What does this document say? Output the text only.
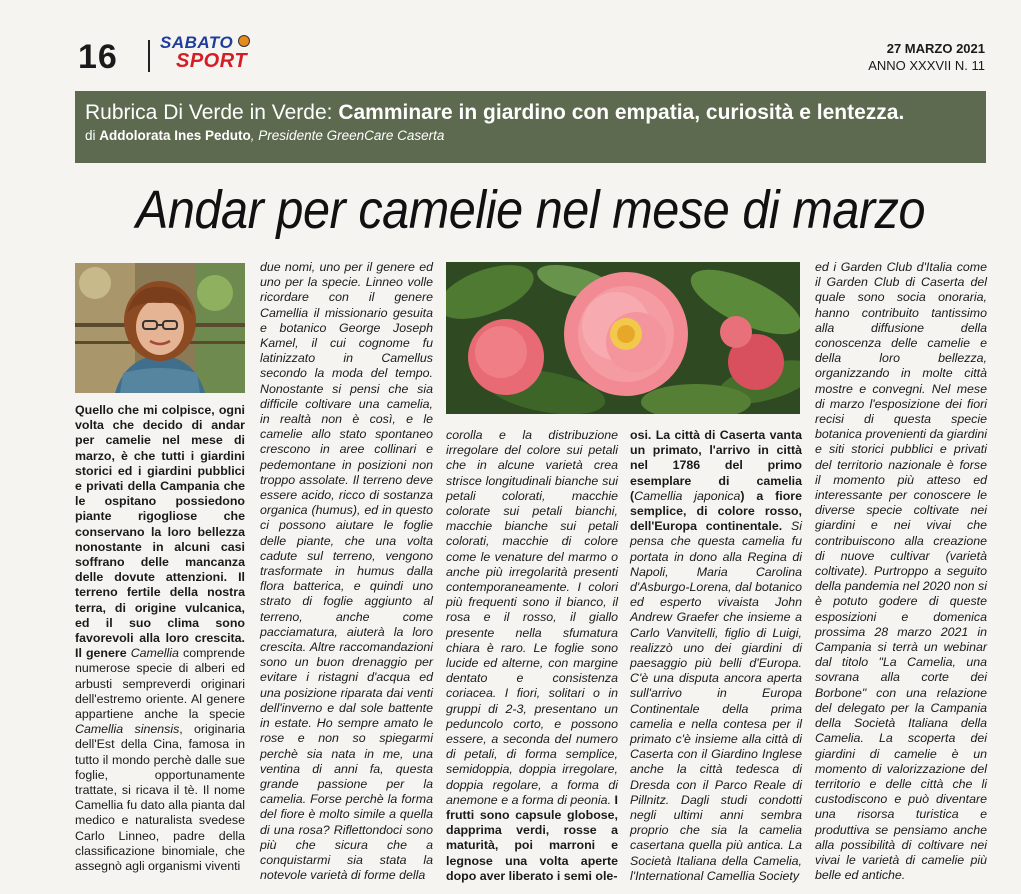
16 SABATO
SPORT
27 MARZO 2021
ANNO XXXVII N. 11
Rubrica Di Verde in Verde: Camminare in giardino con empatia, curiosità e lentezza.
di Addolorata Ines Peduto, Presidente GreenCare Caserta
Andar per camelie nel mese di marzo
Quello che mi colpisce, ogni volta che decido di andar per camelie nel mese di marzo, è che tutti i giardini storici ed i giardini pubblici e privati della Campania che le ospitano possiedono piante rigogliose che conservano la loro bellezza nonostante in alcuni casi soffrano delle mancanza delle dovute attenzioni. Il terreno fertile della nostra terra, di origine vulcanica, ed il suo clima sono favorevoli alla loro crescita. Il genere Camellia comprende numerose specie di alberi ed arbusti sempreverdi originari dell'estremo oriente. Al genere appartiene anche la specie Camellia sinensis, originaria dell'Est della Cina, famosa in tutto il mondo perchè dalle sue foglie, opportunamente trattate, si ricava il tè. Il nome Camellia fu dato alla pianta dal medico e naturalista svedese Carlo Linneo, padre della classificazione binomiale, che assegnò agli organismi viventi
due nomi, uno per il genere ed uno per la specie. Linneo volle ricordare con il genere Camellia il missionario gesuita e botanico George Joseph Kamel, il cui cognome fu latinizzato in Camellus secondo la moda del tempo. Nonostante si pensi che sia difficile coltivare una camelia, in realtà non è così, e le camelie allo stato spontaneo crescono in aree collinari e pedemontane in posizioni non troppo assolate. Il terreno deve essere acido, ricco di sostanza organica (humus), ed in questo ci possono aiutare le foglie delle piante, che una volta cadute sul terreno, vengono trasformate in humus dalla flora batterica, e quindi uno strato di foglie aggiunto al terreno, anche come pacciamatura, aiuterà la loro crescita. Altre raccomandazioni sono un buon drenaggio per evitare i ristagni d'acqua ed una posizione riparata dai venti dell'inverno e dal sole battente in estate. Ho sempre amato le rose e non so spiegarmi perchè sia nata in me, una ventina di anni fa, questa grande passione per la camelia. Forse perchè la forma del fiore è molto simile a quella di una rosa? Riflettondoci sono più che sicura che a conquistarmi sia stata la notevole varietà di forme della
corolla e la distribuzione irregolare del colore sui petali che in alcune varietà crea strisce longitudinali bianche sui petali colorati, macchie colorate sui petali bianchi, macchie bianche sui petali colorati, macchie di colore come le venature del marmo o anche più irregolarità presenti contemporaneamente. I colori più frequenti sono il bianco, il rosa e il rosso, il giallo presente nella sfumatura chiara è raro. Le foglie sono lucide ed alterne, con margine dentato e consistenza coriacea. I fiori, solitari o in gruppi di 2-3, presentano un peduncolo corto, e possono essere, a seconda del numero di petali, di forma semplice, semidoppia, doppia irregolare, doppia regolare, a forma di anemone e a forma di peonia. I frutti sono capsule globose, dapprima verdi, rosse a maturità, poi marroni e legnose una volta aperte dopo aver liberato i semi ole-
osi. La città di Caserta vanta un primato, l'arrivo in città nel 1786 del primo esemplare di camelia (Camellia japonica) a fiore semplice, di colore rosso, dell'Europa continentale. Si pensa che questa camelia fu portata in dono alla Regina di Napoli, Maria Carolina d'Asburgo-Lorena, dal botanico ed esperto vivaista John Andrew Graefer che insieme a Carlo Vanvitelli, figlio di Luigi, realizzò uno dei giardini di paesaggio più belli d'Europa. C'è una disputa ancora aperta sull'arrivo in Europa Continentale della prima camelia e nella contesa per il primato c'è insieme alla città di Caserta con il Giardino Inglese anche la città tedesca di Dresda con il Parco Reale di Pillnitz. Dagli studi condotti negli ultimi anni sembra proprio che sia la camelia casertana quella più antica. La Società Italiana della Camelia, l'International Camellia Society
ed i Garden Club d'Italia come il Garden Club di Caserta del quale sono socia onoraria, hanno contribuito tantissimo alla diffusione della conoscenza delle camelie e della loro bellezza, organizzando in molte città mostre e convegni. Nel mese di marzo l'esposizione dei fiori recisi di questa specie botanica provenienti da giardini e siti storici pubblici e privati del territorio nazionale è forse il momento più atteso ed interessante per conoscere le diverse specie coltivate nei giardini e nei vivai che contribuiscono alla creazione di nuove cultivar (varietà coltivate). Purtroppo a seguito della pandemia nel 2020 non si è potuto godere di queste esposizioni e domenica prossima 28 marzo 2021 in Campania si terrà un webinar dal titolo "La Camelia, una sovrana alla corte dei Borbone" con una relazione del delegato per la Campania della Società Italiana della Camelia. La scoperta dei giardini di camelie è un momento di valorizzazione del territorio e delle città che li custodiscono e può diventare una risorsa turistica e produttiva se pensiamo anche alla possibilità di coltivare nei vivai le varietà di camelie più belle ed antiche.
